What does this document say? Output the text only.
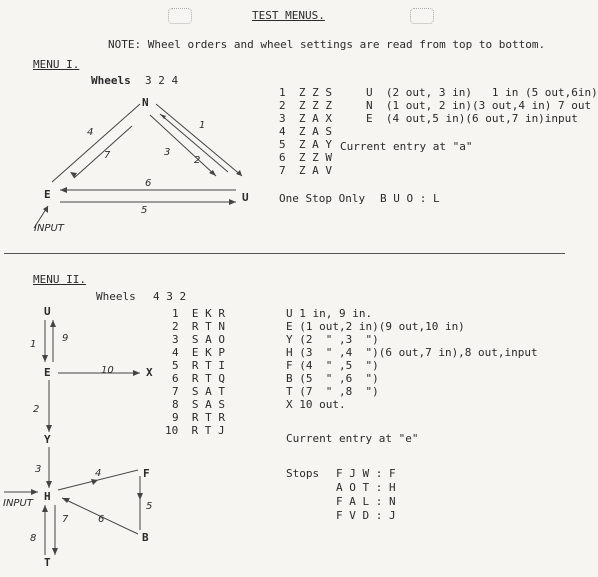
TEST MENUS.
NOTE: Wheel orders and wheel settings are read from top to bottom.
MENU I.
Wheels 3 2 4
N
E	U
1
2
3
4
5
6
7
INPUT
1 Z Z S
2 Z Z Z
3 Z A X
4 Z A S
5 Z A Y
6 Z Z W
7 Z A V
U  (2 out, 3 in)   1 in (5 out,6in)
N  (1 out, 2 in)(3 out,4 in) 7 out
E  (4 out,5 in)(6 out,7 in)input
Current entry at "a"
One Stop Only B U O : L
MENU II.
Wheels 4 3 2
U
E	X
Y
H
F
B
T
1
9
10
2
3	4
5
6
7
8
INPUT
1 E K R
2 R T N
3 S A O
4 E K P
5 R T I
6 R T Q
7 S A T
8 S A S
9 R T R
10 R T J
U 1 in, 9 in.
E (1 out,2 in)(9 out,10 in)
Y (2  " ,3  ")
H (3  " ,4  ")(6 out,7 in),8 out,input
F (4  " ,5  ")
B (5  " ,6  ")
T (7  " ,8  ")
X 10 out.
Current entry at "e"
Stops F J W : F
A O T : H
F A L : N
F V D : J
